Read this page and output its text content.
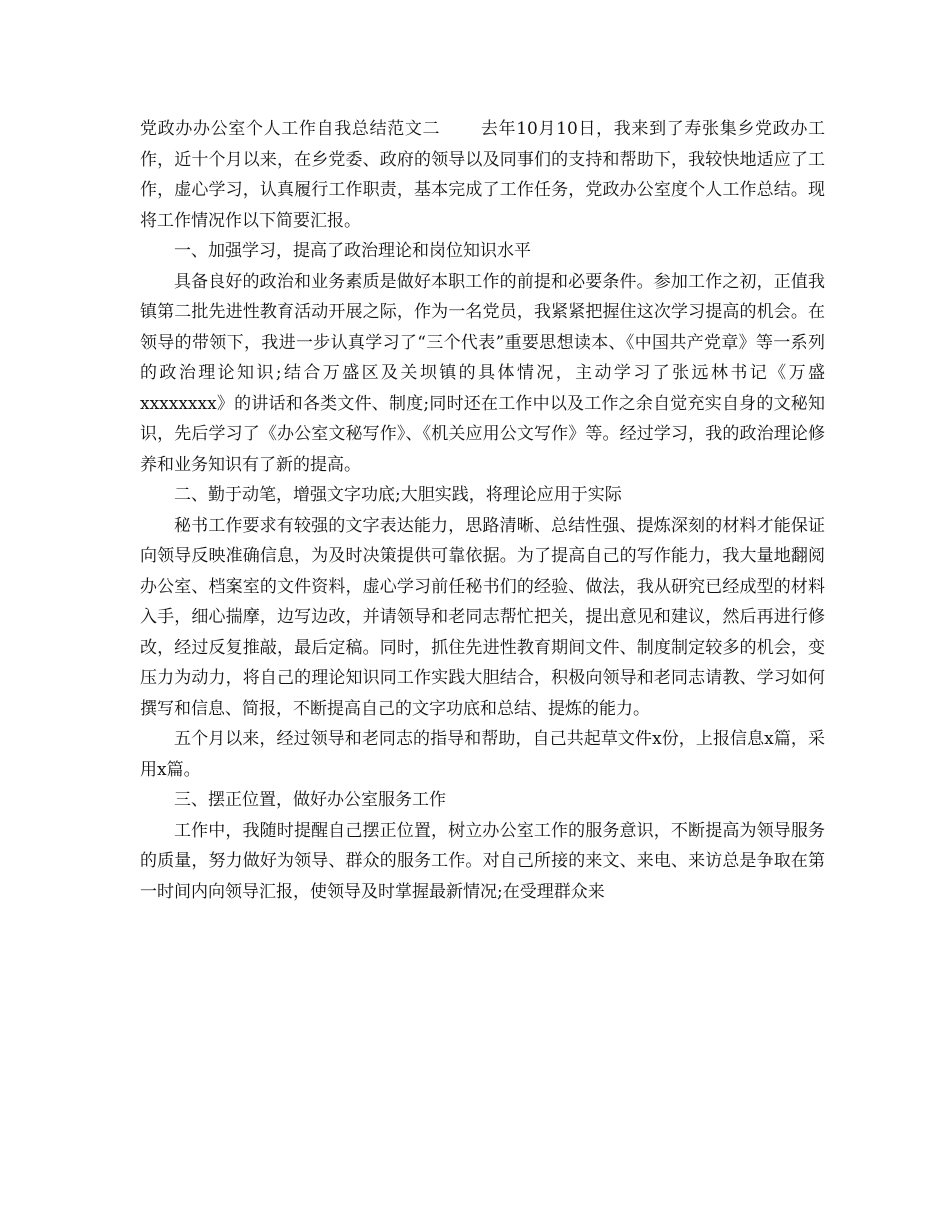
党政办办公室个人工作自我总结范文二 去年10月10日，我来到了寿张集乡党政办工作，近十个月以来，在乡党委、政府的领导以及同事们的支持和帮助下，我较快地适应了工作，虚心学习，认真履行工作职责，基本完成了工作任务，党政办公室度个人工作总结。现将工作情况作以下简要汇报。

一、加强学习，提高了政治理论和岗位知识水平

具备良好的政治和业务素质是做好本职工作的前提和必要条件。参加工作之初，正值我镇第二批先进性教育活动开展之际，作为一名党员，我紧紧把握住这次学习提高的机会。在领导的带领下，我进一步认真学习了“三个代表”重要思想读本、《中国共产党章》等一系列的政治理论知识;结合万盛区及关坝镇的具体情况，主动学习了张远林书记《万盛xxxxxxxx》的讲话和各类文件、制度;同时还在工作中以及工作之余自觉充实自身的文秘知识，先后学习了《办公室文秘写作》、《机关应用公文写作》等。经过学习，我的政治理论修养和业务知识有了新的提高。

二、勤于动笔，增强文字功底;大胆实践，将理论应用于实际

秘书工作要求有较强的文字表达能力，思路清晰、总结性强、提炼深刻的材料才能保证向领导反映准确信息，为及时决策提供可靠依据。为了提高自己的写作能力，我大量地翻阅办公室、档案室的文件资料，虚心学习前任秘书们的经验、做法，我从研究已经成型的材料入手，细心揣摩，边写边改，并请领导和老同志帮忙把关，提出意见和建议，然后再进行修改，经过反复推敲，最后定稿。同时，抓住先进性教育期间文件、制度制定较多的机会，变压力为动力，将自己的理论知识同工作实践大胆结合，积极向领导和老同志请教、学习如何撰写和信息、简报，不断提高自己的文字功底和总结、提炼的能力。

五个月以来，经过领导和老同志的指导和帮助，自己共起草文件x份，上报信息x篇，采用x篇。

三、摆正位置，做好办公室服务工作

工作中，我随时提醒自己摆正位置，树立办公室工作的服务意识，不断提高为领导服务的质量，努力做好为领导、群众的服务工作。对自己所接的来文、来电、来访总是争取在第一时间内向领导汇报，使领导及时掌握最新情况;在受理群众来
